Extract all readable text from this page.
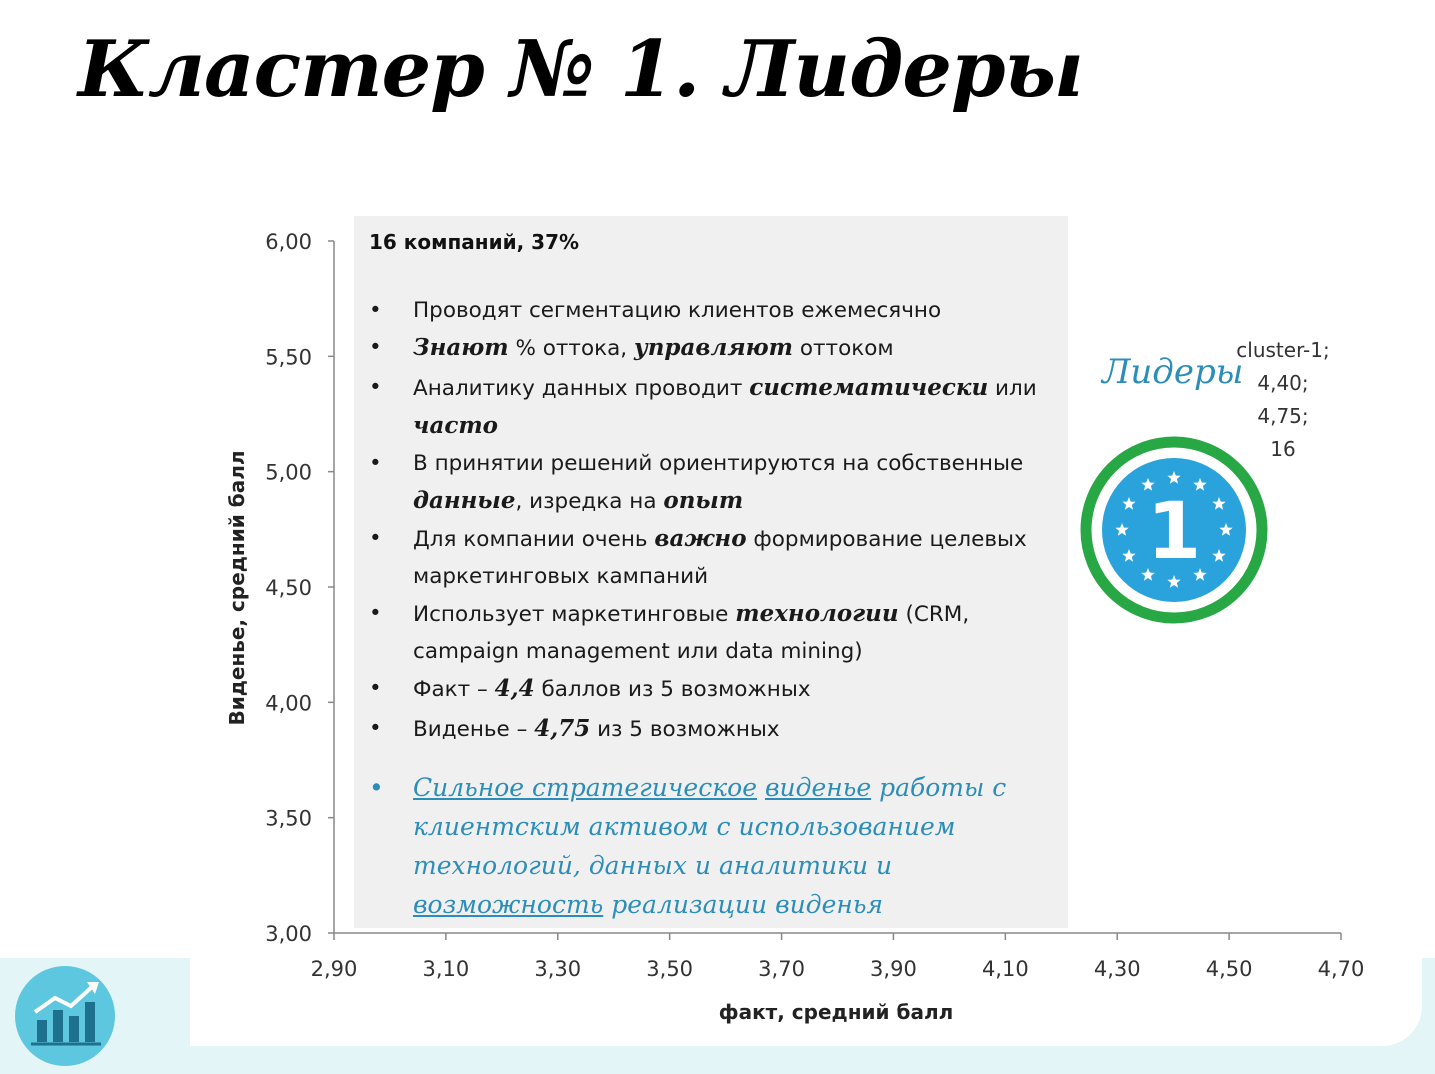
Кластер № 1. Лидеры
3,00
3,50
4,00
4,50
5,00
5,50
6,00
2,90	3,10	3,30	3,50	3,70	3,90	4,10	4,30	4,50	4,70
факт, средний балл
Виденье, средний балл
16 компаний, 37%
• Проводят сегментацию клиентов ежемесячно
• Знают % оттока, управляют оттоком
• Аналитику данных проводит систематически или часто
• В принятии решений ориентируются на собственные данные, изредка на опыт
• Для компании очень важно формирование целевых маркетинговых кампаний
• Использует маркетинговые технологии (CRM, campaign management или data mining)
• Факт – 4,4 баллов из 5 возможных
• Виденье – 4,75 из 5 возможных
• Сильное стратегическое виденье работы с клиентским активом с использованием технологий, данных и аналитики и возможность реализации виденья
Лидеры
cluster-1;
4,40;
4,75;
16
1
